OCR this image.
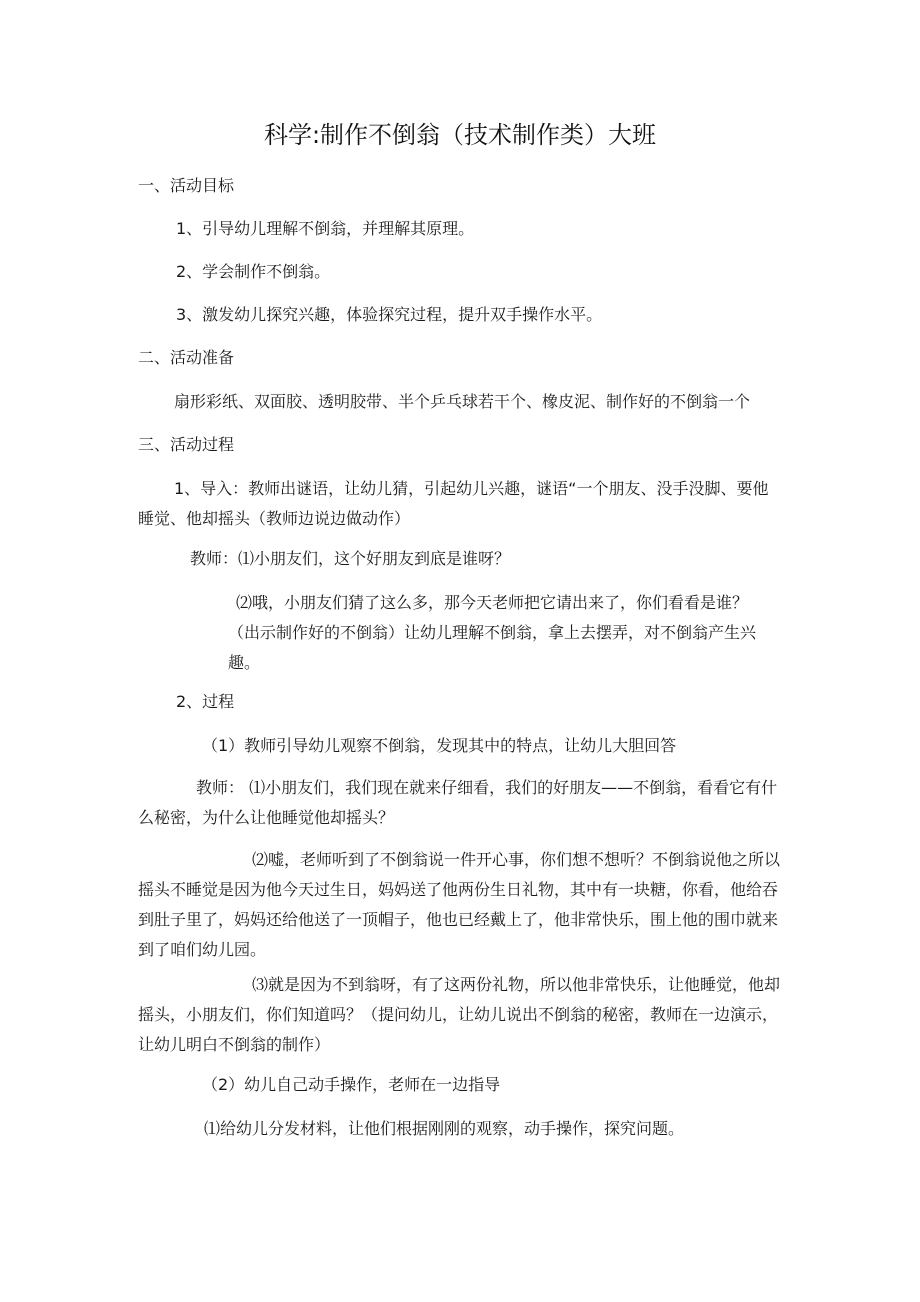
科学:制作不倒翁（技术制作类）大班
一、活动目标
1、引导幼儿理解不倒翁，并理解其原理。
2、学会制作不倒翁。
3、激发幼儿探究兴趣，体验探究过程，提升双手操作水平。
二、活动准备
扇形彩纸、双面胶、透明胶带、半个乒乓球若干个、橡皮泥、制作好的不倒翁一个
三、活动过程
1、导入：教师出谜语，让幼儿猜，引起幼儿兴趣，谜语“一个朋友、没手没脚、要他睡觉、他却摇头（教师边说边做动作）
教师：⑴小朋友们，这个好朋友到底是谁呀？
⑵哦，小朋友们猜了这么多，那今天老师把它请出来了，你们看看是谁？（出示制作好的不倒翁）让幼儿理解不倒翁，拿上去摆弄，对不倒翁产生兴趣。
2、过程
（1）教师引导幼儿观察不倒翁，发现其中的特点，让幼儿大胆回答
教师： ⑴小朋友们，我们现在就来仔细看，我们的好朋友——不倒翁，看看它有什么秘密，为什么让他睡觉他却摇头？
⑵嘘，老师听到了不倒翁说一件开心事，你们想不想听？不倒翁说他之所以摇头不睡觉是因为他今天过生日，妈妈送了他两份生日礼物，其中有一块糖，你看，他给吞到肚子里了，妈妈还给他送了一顶帽子，他也已经戴上了，他非常快乐，围上他的围巾就来到了咱们幼儿园。
⑶就是因为不到翁呀，有了这两份礼物，所以他非常快乐，让他睡觉，他却摇头，小朋友们，你们知道吗？（提问幼儿，让幼儿说出不倒翁的秘密，教师在一边演示，让幼儿明白不倒翁的制作）
（2）幼儿自己动手操作，老师在一边指导
⑴给幼儿分发材料，让他们根据刚刚的观察，动手操作，探究问题。
